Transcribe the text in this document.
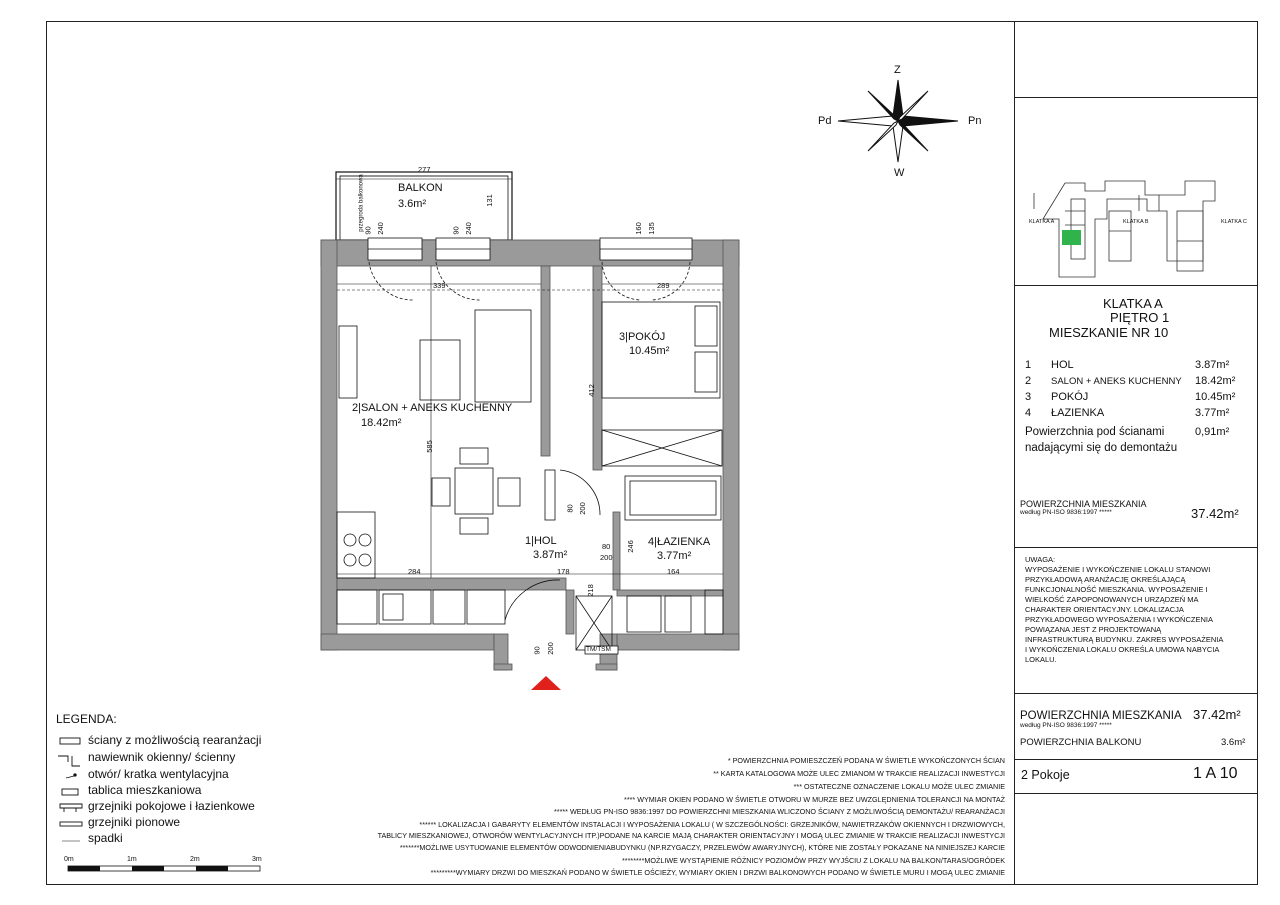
Z
W
Pd	Pn
BALKON
3.6m²
przegroda balkonowa
2|SALON + ANEKS KUCHENNY
18.42m²
3|POKÓJ
10.45m²
1|HOL
3.87m²
4|ŁAZIENKA
3.77m²
TM/TSM
277
131
90 240	90 240	160 135
339	289
412
585
284	178	164
80 200
80
200
246
218
90 200
LEGENDA:
ściany z możliwością rearanżacji
nawiewnik okienny/ ścienny
otwór/ kratka wentylacyjna
tablica mieszkaniowa
grzejniki pokojowe i łazienkowe
grzejniki pionowe
spadki
0m	1m	2m	3m
* POWIERZCHNIA POMIESZCZEŃ PODANA W ŚWIETLE WYKOŃCZONYCH ŚCIAN
** KARTA KATALOGOWA MOŻE ULEC ZMIANOM W TRAKCIE REALIZACJI INWESTYCJI
*** OSTATECZNE OZNACZENIE LOKALU MOŻE ULEC ZMIANIE
**** WYMIAR OKIEN PODANO W ŚWIETLE OTWORU W MURZE BEZ UWZGLĘDNIENIA TOLERANCJI NA MONTAŻ
***** WEDŁUG PN-ISO 9836:1997 DO POWIERZCHNI MIESZKANIA WLICZONO ŚCIANY Z MOŻLIWOŚCIĄ DEMONTAŻU/ REARANŻACJI
****** LOKALIZACJA I GABARYTY ELEMENTÓW INSTALACJI I WYPOSAŻENIA LOKALU ( W SZCZEGÓLNOŚCI: GRZEJNIKÓW, NAWIETRZAKÓW OKIENNYCH I DRZWIOWYCH,
TABLICY MIESZKANIOWEJ, OTWORÓW WENTYLACYJNYCH ITP.)PODANE NA KARCIE MAJĄ CHARAKTER ORIENTACYJNY I MOGĄ ULEC ZMIANIE W TRAKCIE REALIZACJI INWESTYCJI
*******MOŻLIWE USYTUOWANIE ELEMENTÓW ODWODNIENIABUDYNKU (NP.RZYGACZY, PRZELEWÓW AWARYJNYCH), KTÓRE NIE ZOSTAŁY POKAZANE NA NINIEJSZEJ KARCIE
********MOŻLIWE WYSTĄPIENIE RÓŻNICY POZIOMÓW PRZY WYJŚCIU Z LOKALU NA BALKON/TARAS/OGRÓDEK
*********WYMIARY DRZWI DO MIESZKAŃ PODANO W ŚWIETLE OŚCIEŻY, WYMIARY OKIEN I DRZWI BALKONOWYCH PODANO W ŚWIETLE MURU I MOGĄ ULEC ZMIANIE
KLATKA A	KLATKA B	KLATKA C
KLATKA A
PIĘTRO 1
MIESZKANIE NR 10
1 HOL	3.87m²
2 SALON + ANEKS KUCHENNY 18.42m²
3 POKÓJ	10.45m²
4 ŁAZIENKA	3.77m²
Powierzchnia pod ścianami	0,91m²
nadającymi się do demontażu
POWIERZCHNIA MIESZKANIA
według PN-ISO 9836:1997 *****	37.42m²
UWAGA:
WYPOSAŻENIE I WYKOŃCZENIE LOKALU STANOWI
PRZYKŁADOWĄ ARANŻACJĘ OKREŚLAJĄCĄ
FUNKCJONALNOŚĆ MIESZKANIA. WYPOSAŻENIE I
WIELKOŚĆ ZAPOPONOWANYCH URZĄDZEŃ MA
CHARAKTER ORIENTACYJNY. LOKALIZACJA
PRZYKŁADOWEGO WYPOSAŻENIA I WYKOŃCZENIA
POWIĄZANA JEST Z PROJEKTOWANĄ
INFRASTRUKTURĄ BUDYNKU. ZAKRES WYPOSAŻENIA
I WYKOŃCZENIA LOKALU OKREŚLA UMOWA NABYCIA
LOKALU.
POWIERZCHNIA MIESZKANIA
według PN-ISO 9836:1997 *****
37.42m²
POWIERZCHNIA BALKONU	3.6m²
2 Pokoje	1 A 10
